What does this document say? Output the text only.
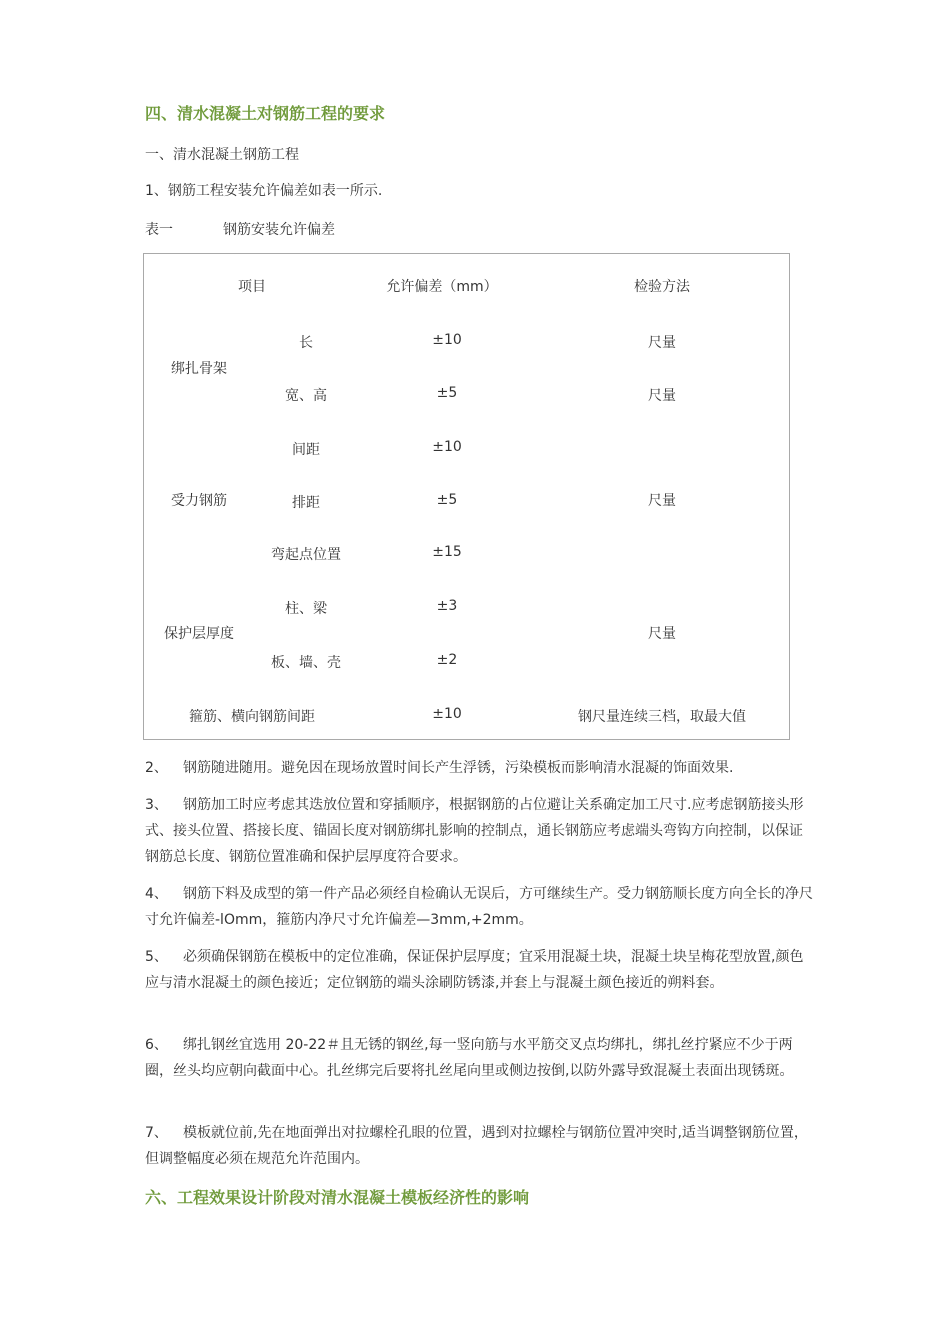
四、清水混凝土对钢筋工程的要求
一、清水混凝土钢筋工程
1、钢筋工程安装允许偏差如表一所示.
表一	钢筋安装允许偏差
项目	允许偏差（mm）	检验方法
绑扎骨架
长	±10	尺量
宽、高	±5	尺量
受力钢筋
间距	±10
排距	±5	尺量
弯起点位置	±15
保护层厚度
柱、梁	±3
尺量
板、墙、壳	±2
箍筋、横向钢筋间距	±10	钢尺量连续三档，取最大值
2、 钢筋随进随用。避免因在现场放置时间长产生浮锈，污染模板而影响清水混凝的饰面效果.
3、 钢筋加工时应考虑其迭放位置和穿插顺序，根据钢筋的占位避让关系确定加工尺寸.应考虑钢筋接头形式、接头位置、搭接长度、锚固长度对钢筋绑扎影响的控制点，通长钢筋应考虑端头弯钩方向控制，以保证钢筋总长度、钢筋位置准确和保护层厚度符合要求。
4、 钢筋下料及成型的第一件产品必须经自检确认无误后，方可继续生产。受力钢筋顺长度方向全长的净尺寸允许偏差-lOmm，箍筋内净尺寸允许偏差—3mm,+2mm。
5、 必须确保钢筋在模板中的定位准确，保证保护层厚度；宜采用混凝土块，混凝土块呈梅花型放置,颜色应与清水混凝土的颜色接近；定位钢筋的端头涂刷防锈漆,并套上与混凝土颜色接近的朔料套。
6、 绑扎钢丝宜选用 20-22＃且无锈的钢丝,每一竖向筋与水平筋交叉点均绑扎，绑扎丝拧紧应不少于两圈，丝头均应朝向截面中心。扎丝绑完后要将扎丝尾向里或侧边按倒,以防外露导致混凝土表面出现锈斑。
7、 模板就位前,先在地面弹出对拉螺栓孔眼的位置，遇到对拉螺栓与钢筋位置冲突时,适当调整钢筋位置，但调整幅度必须在规范允许范围内。
六、工程效果设计阶段对清水混凝土模板经济性的影响
